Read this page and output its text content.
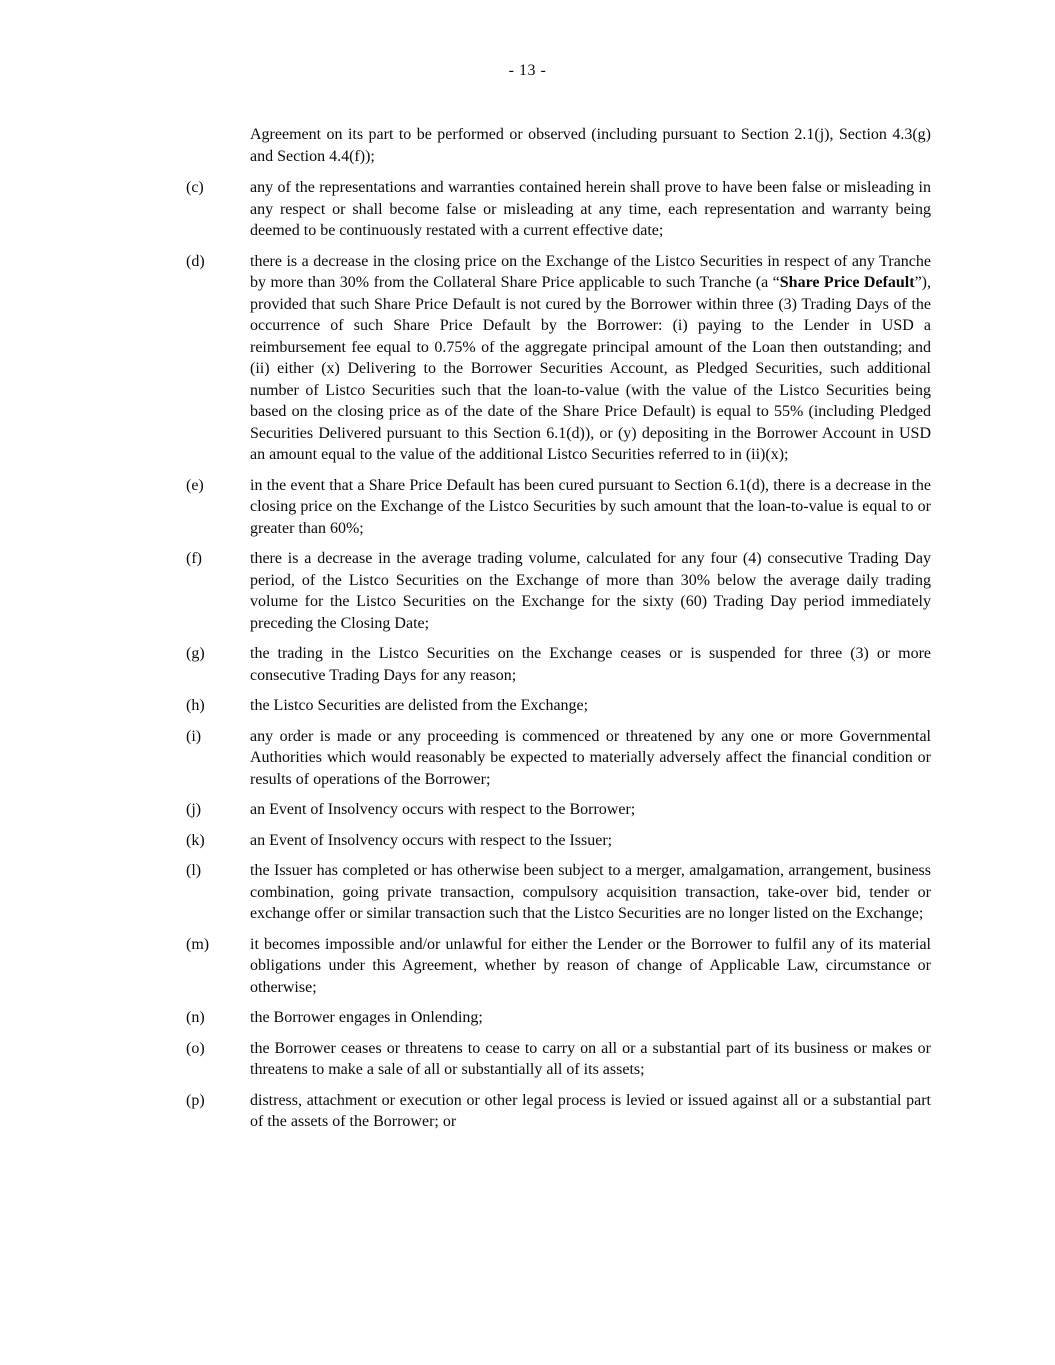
- 13 -

Agreement on its part to be performed or observed (including pursuant to Section 2.1(j), Section 4.3(g) and Section 4.4(f));

(c)	any of the representations and warranties contained herein shall prove to have been false or misleading in any respect or shall become false or misleading at any time, each representation and warranty being deemed to be continuously restated with a current effective date;
(d)	there is a decrease in the closing price on the Exchange of the Listco Securities in respect of any Tranche by more than 30% from the Collateral Share Price applicable to such Tranche (a “Share Price Default”), provided that such Share Price Default is not cured by the Borrower within three (3) Trading Days of the occurrence of such Share Price Default by the Borrower: (i) paying to the Lender in USD a reimbursement fee equal to 0.75% of the aggregate principal amount of the Loan then outstanding; and (ii) either (x) Delivering to the Borrower Securities Account, as Pledged Securities, such additional number of Listco Securities such that the loan-to-value (with the value of the Listco Securities being based on the closing price as of the date of the Share Price Default) is equal to 55% (including Pledged Securities Delivered pursuant to this Section 6.1(d)), or (y) depositing in the Borrower Account in USD an amount equal to the value of the additional Listco Securities referred to in (ii)(x);
(e)	in the event that a Share Price Default has been cured pursuant to Section 6.1(d), there is a decrease in the closing price on the Exchange of the Listco Securities by such amount that the loan-to-value is equal to or greater than 60%;
(f)	there is a decrease in the average trading volume, calculated for any four (4) consecutive Trading Day period, of the Listco Securities on the Exchange of more than 30% below the average daily trading volume for the Listco Securities on the Exchange for the sixty (60) Trading Day period immediately preceding the Closing Date;
(g)	the trading in the Listco Securities on the Exchange ceases or is suspended for three (3) or more consecutive Trading Days for any reason;
(h)	the Listco Securities are delisted from the Exchange;
(i)	any order is made or any proceeding is commenced or threatened by any one or more Governmental Authorities which would reasonably be expected to materially adversely affect the financial condition or results of operations of the Borrower;
(j)	an Event of Insolvency occurs with respect to the Borrower;
(k)	an Event of Insolvency occurs with respect to the Issuer;
(l)	the Issuer has completed or has otherwise been subject to a merger, amalgamation, arrangement, business combination, going private transaction, compulsory acquisition transaction, take-over bid, tender or exchange offer or similar transaction such that the Listco Securities are no longer listed on the Exchange;
(m)	it becomes impossible and/or unlawful for either the Lender or the Borrower to fulfil any of its material obligations under this Agreement, whether by reason of change of Applicable Law, circumstance or otherwise;
(n)	the Borrower engages in Onlending;
(o)	the Borrower ceases or threatens to cease to carry on all or a substantial part of its business or makes or threatens to make a sale of all or substantially all of its assets;
(p)	distress, attachment or execution or other legal process is levied or issued against all or a substantial part of the assets of the Borrower; or
